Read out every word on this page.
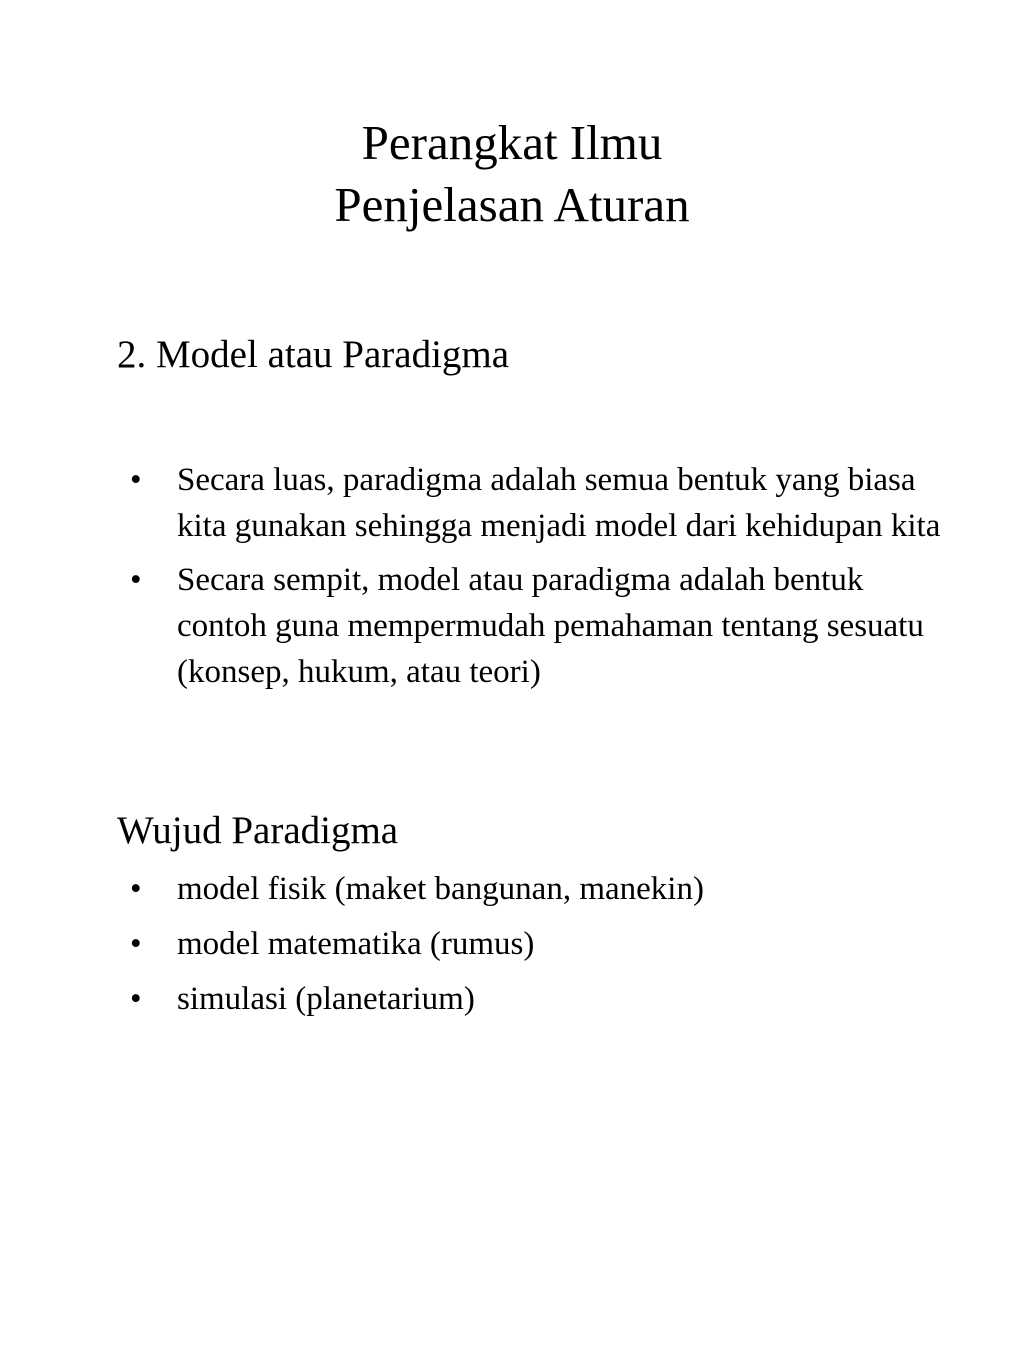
Perangkat Ilmu
Penjelasan Aturan
2. Model atau Paradigma
• Secara luas, paradigma adalah semua bentuk yang biasa kita gunakan sehingga menjadi model dari kehidupan kita
• Secara sempit, model atau paradigma adalah bentuk contoh guna mempermudah pemahaman tentang sesuatu (konsep, hukum, atau teori)
Wujud Paradigma
• model fisik (maket bangunan, manekin)
• model matematika (rumus)
• simulasi (planetarium)
